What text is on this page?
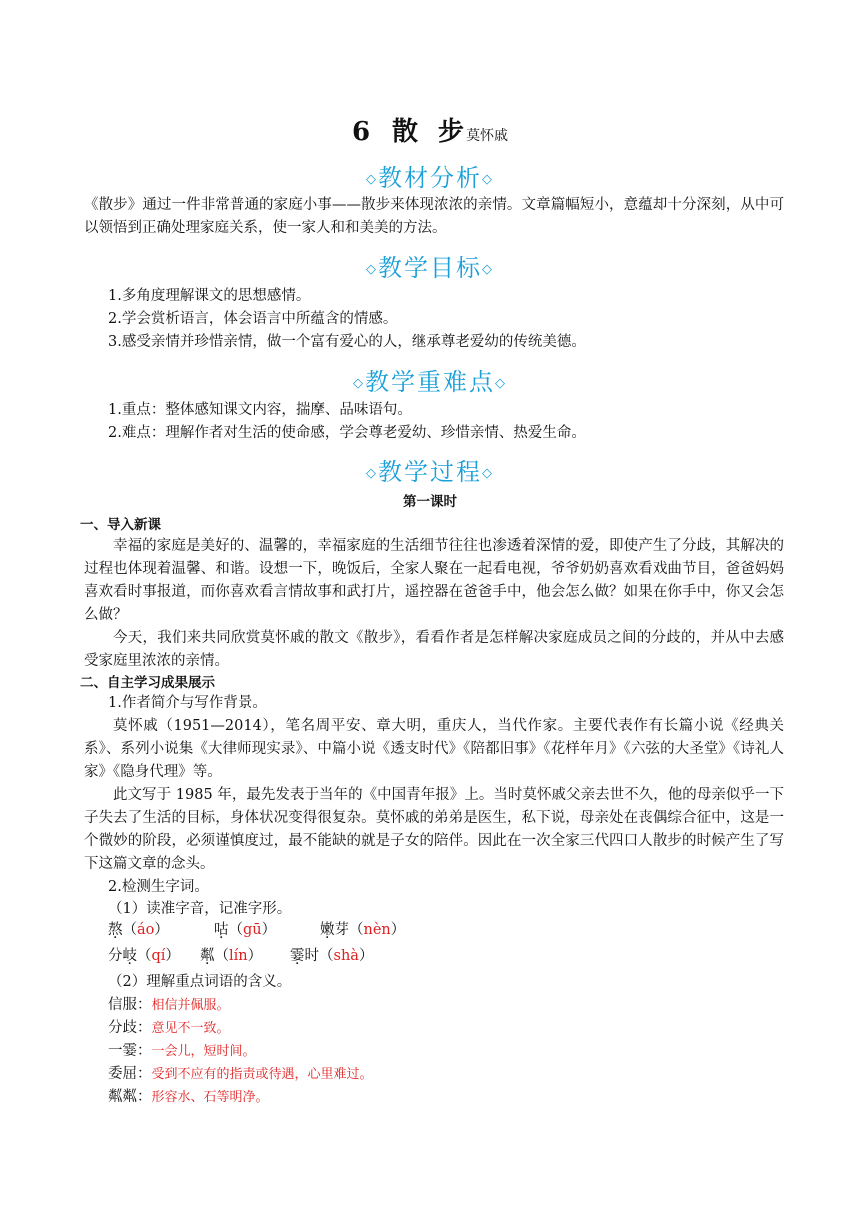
6 散 步莫怀戚
◇教材分析◇
《散步》通过一件非常普通的家庭小事——散步来体现浓浓的亲情。文章篇幅短小，意蕴却十分深刻，从中可以领悟到正确处理家庭关系，使一家人和和美美的方法。
◇教学目标◇
1.多角度理解课文的思想感情。
2.学会赏析语言，体会语言中所蕴含的情感。
3.感受亲情并珍惜亲情，做一个富有爱心的人，继承尊老爱幼的传统美德。
◇教学重难点◇
1.重点：整体感知课文内容，揣摩、品味语句。
2.难点：理解作者对生活的使命感，学会尊老爱幼、珍惜亲情、热爱生命。
◇教学过程◇
第一课时
一、导入新课
幸福的家庭是美好的、温馨的，幸福家庭的生活细节往往也渗透着深情的爱，即使产生了分歧，其解决的过程也体现着温馨、和谐。设想一下，晚饭后，全家人聚在一起看电视，爷爷奶奶喜欢看戏曲节目，爸爸妈妈喜欢看时事报道，而你喜欢看言情故事和武打片，遥控器在爸爸手中，他会怎么做？如果在你手中，你又会怎么做？
今天，我们来共同欣赏莫怀戚的散文《散步》，看看作者是怎样解决家庭成员之间的分歧的，并从中去感受家庭里浓浓的亲情。
二、自主学习成果展示
1.作者简介与写作背景。
莫怀戚（1951—2014），笔名周平安、章大明，重庆人，当代作家。主要代表作有长篇小说《经典关系》、系列小说集《大律师现实录》、中篇小说《透支时代》《陪都旧事》《花样年月》《六弦的大圣堂》《诗礼人家》《隐身代理》等。
此文写于 1985 年，最先发表于当年的《中国青年报》上。当时莫怀戚父亲去世不久，他的母亲似乎一下子失去了生活的目标，身体状况变得很复杂。莫怀戚的弟弟是医生，私下说，母亲处在丧偶综合征中，这是一个微妙的阶段，必须谨慎度过，最不能缺的就是子女的陪伴。因此在一次全家三代四口人散步的时候产生了写下这篇文章的念头。
2.检测生字词。
（1）读准字音，记准字形。
熬（áo）	咕（gū）	嫩芽（nèn）
分岐（qí） 粼（lín） 霎时（shà）
（2）理解重点词语的含义。
信服：相信并佩服。
分歧：意见不一致。
一霎：一会儿，短时间。
委屈：受到不应有的指责或待遇，心里难过。
粼粼：形容水、石等明净。
